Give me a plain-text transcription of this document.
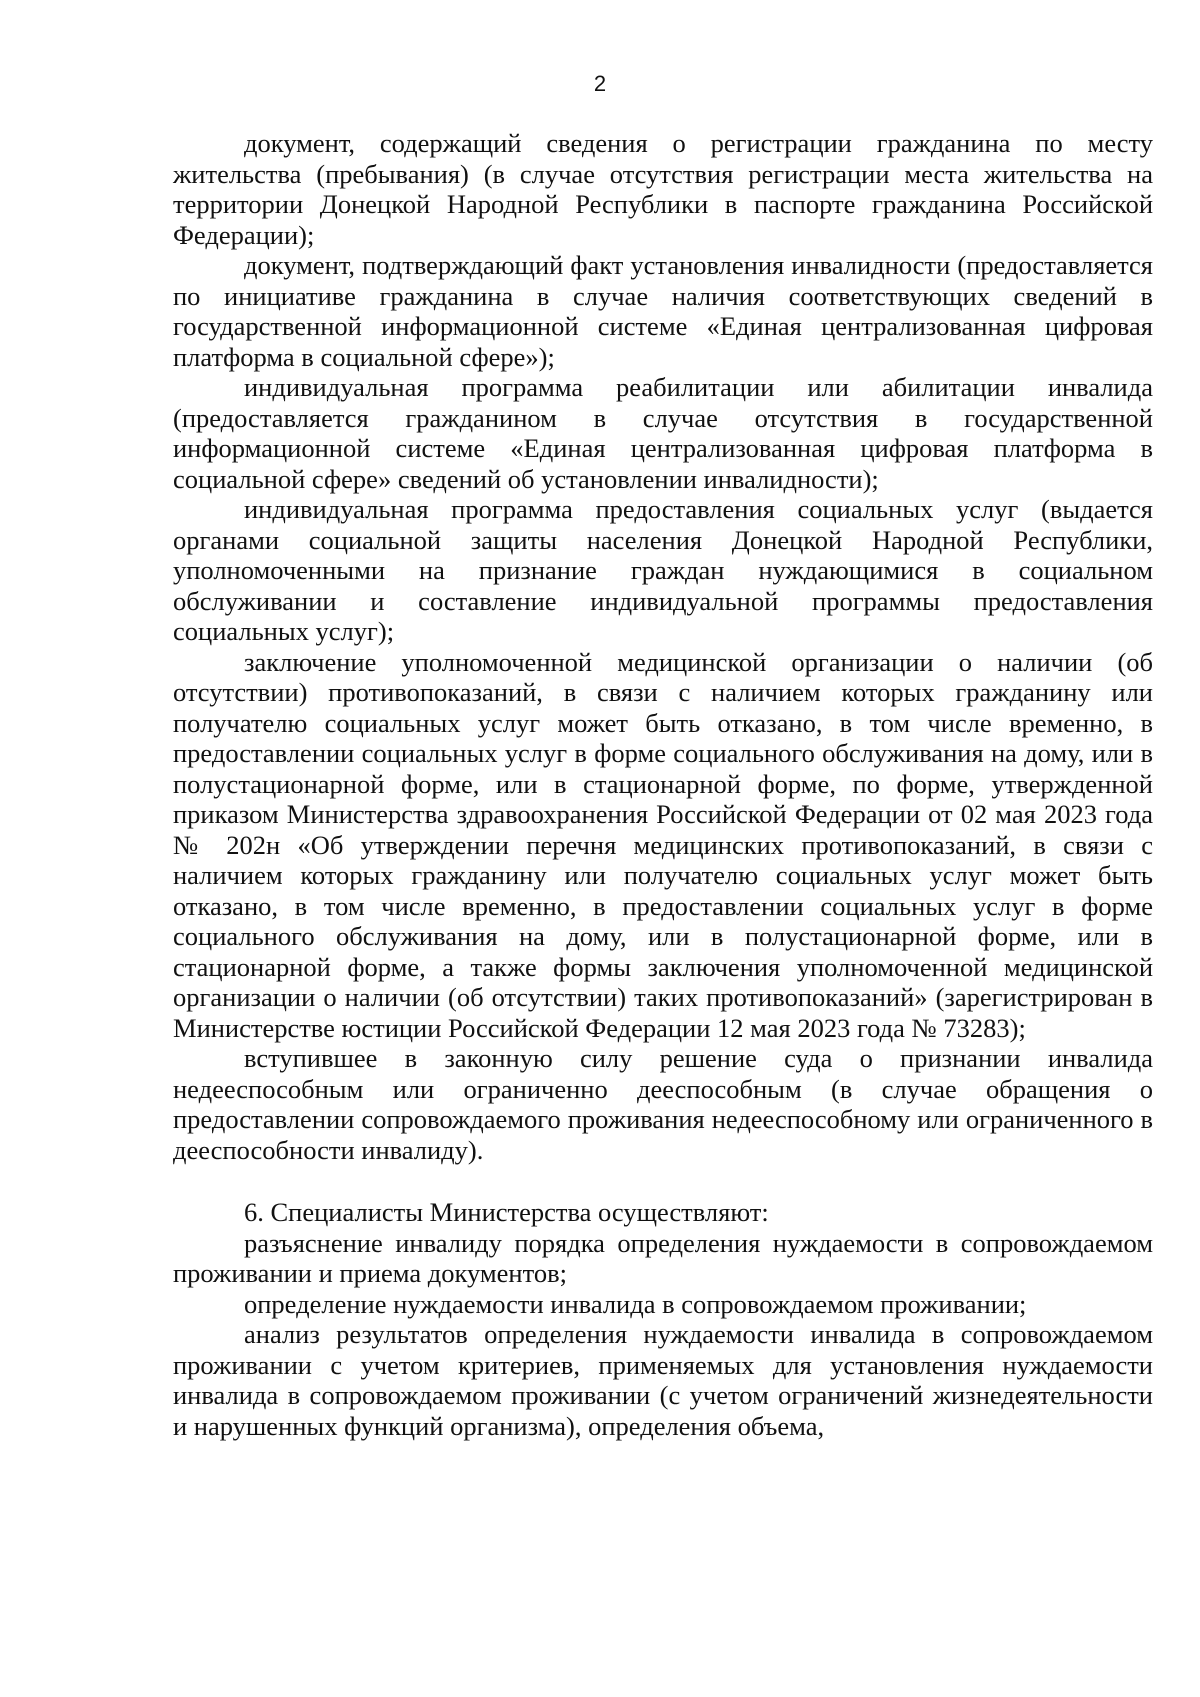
2

документ, содержащий сведения о регистрации гражданина по месту жительства (пребывания) (в случае отсутствия регистрации места жительства на территории Донецкой Народной Республики в паспорте гражданина Российской Федерации);

документ, подтверждающий факт установления инвалидности (предоставляется по инициативе гражданина в случае наличия соответствующих сведений в государственной информационной системе «Единая централизованная цифровая платформа в социальной сфере»);

индивидуальная программа реабилитации или абилитации инвалида (предоставляется гражданином в случае отсутствия в государственной информационной системе «Единая централизованная цифровая платформа в социальной сфере» сведений об установлении инвалидности);

индивидуальная программа предоставления социальных услуг (выдается органами социальной защиты населения Донецкой Народной Республики, уполномоченными на признание граждан нуждающимися в социальном обслуживании и составление индивидуальной программы предоставления социальных услуг);

заключение уполномоченной медицинской организации о наличии (об отсутствии) противопоказаний, в связи с наличием которых гражданину или получателю социальных услуг может быть отказано, в том числе временно, в предоставлении социальных услуг в форме социального обслуживания на дому, или в полустационарной форме, или в стационарной форме, по форме, утвержденной приказом Министерства здравоохранения Российской Федерации от 02 мая 2023 года № 202н «Об утверждении перечня медицинских противопоказаний, в связи с наличием которых гражданину или получателю социальных услуг может быть отказано, в том числе временно, в предоставлении социальных услуг в форме социального обслуживания на дому, или в полустационарной форме, или в стационарной форме, а также формы заключения уполномоченной медицинской организации о наличии (об отсутствии) таких противопоказаний» (зарегистрирован в Министерстве юстиции Российской Федерации 12 мая 2023 года № 73283);

вступившее в законную силу решение суда о признании инвалида недееспособным или ограниченно дееспособным (в случае обращения о предоставлении сопровождаемого проживания недееспособному или ограниченного в дееспособности инвалиду).

6. Специалисты Министерства осуществляют:

разъяснение инвалиду порядка определения нуждаемости в сопровождаемом проживании и приема документов;

определение нуждаемости инвалида в сопровождаемом проживании;

анализ результатов определения нуждаемости инвалида в сопровождаемом проживании с учетом критериев, применяемых для установления нуждаемости инвалида в сопровождаемом проживании (с учетом ограничений жизнедеятельности и нарушенных функций организма), определения объема,
